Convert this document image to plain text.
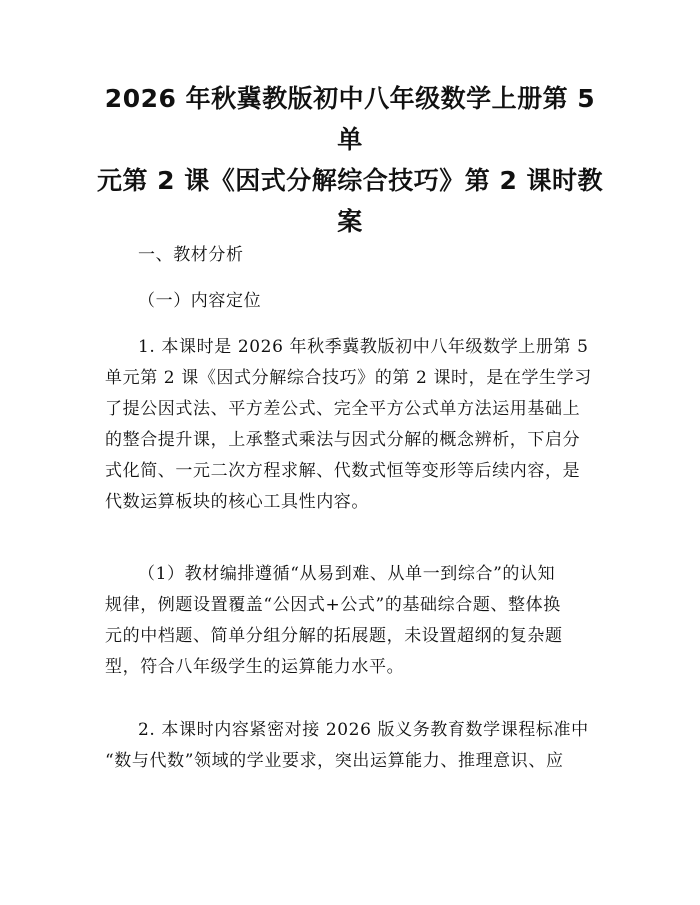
2026 年秋冀教版初中八年级数学上册第 5 单
元第 2 课《因式分解综合技巧》第 2 课时教
案

一、教材分析

（一）内容定位

1. 本课时是 2026 年秋季冀教版初中八年级数学上册第 5
单元第 2 课《因式分解综合技巧》的第 2 课时，是在学生学习
了提公因式法、平方差公式、完全平方公式单方法运用基础上
的整合提升课，上承整式乘法与因式分解的概念辨析，下启分
式化简、一元二次方程求解、代数式恒等变形等后续内容，是
代数运算板块的核心工具性内容。

（1）教材编排遵循“从易到难、从单一到综合”的认知
规律，例题设置覆盖“公因式+公式”的基础综合题、整体换
元的中档题、简单分组分解的拓展题，未设置超纲的复杂题
型，符合八年级学生的运算能力水平。

2. 本课时内容紧密对接 2026 版义务教育数学课程标准中
“数与代数”领域的学业要求，突出运算能力、推理意识、应
